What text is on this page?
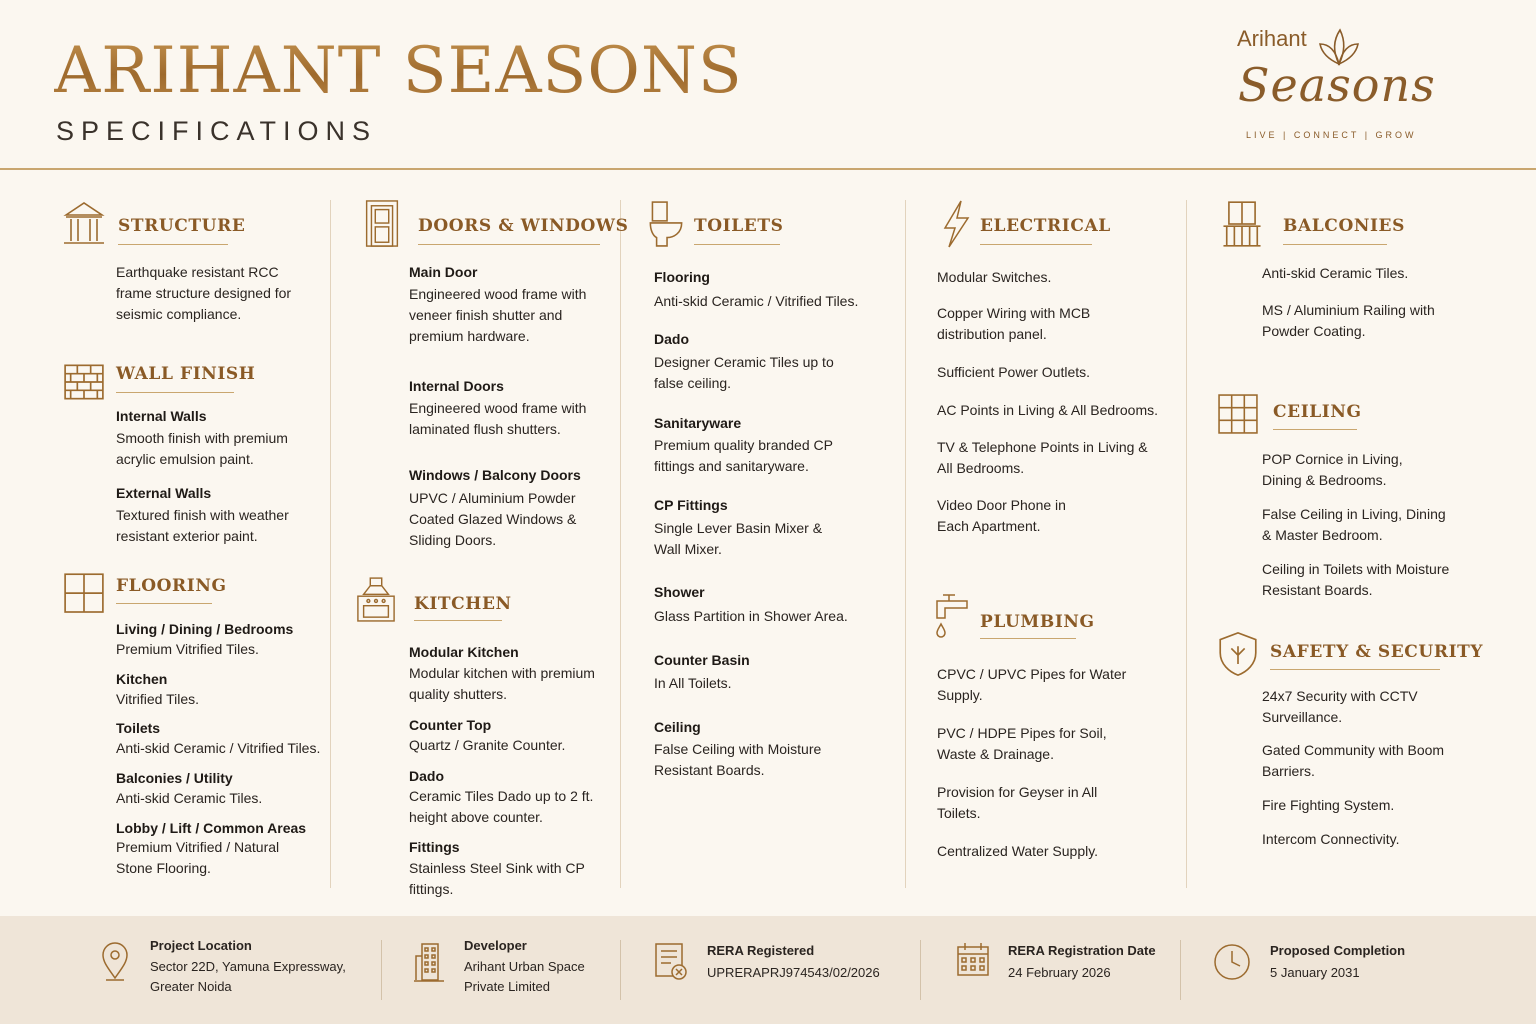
ARIHANT SEASONS
SPECIFICATIONS
Arihant
Seasons
LIVE | CONNECT | GROW
STRUCTURE
Earthquake resistant RCC frame structure designed for seismic compliance.
WALL FINISH
Internal Walls
Smooth finish with premium acrylic emulsion paint.
External Walls
Textured finish with weather resistant exterior paint.
FLOORING
Living / Dining / Bedrooms
Premium Vitrified Tiles.
Kitchen
Vitrified Tiles.
Toilets
Anti-skid Ceramic / Vitrified Tiles.
Balconies / Utility
Anti-skid Ceramic Tiles.
Lobby / Lift / Common Areas
Premium Vitrified / Natural Stone Flooring.
DOORS & WINDOWS
Main Door
Engineered wood frame with veneer finish shutter and premium hardware.
Internal Doors
Engineered wood frame with laminated flush shutters.
Windows / Balcony Doors
UPVC / Aluminium Powder Coated Glazed Windows & Sliding Doors.
KITCHEN
Modular Kitchen
Modular kitchen with premium quality shutters.
Counter Top
Quartz / Granite Counter.
Dado
Ceramic Tiles Dado up to 2 ft. height above counter.
Fittings
Stainless Steel Sink with CP fittings.
TOILETS
Flooring
Anti-skid Ceramic / Vitrified Tiles.
Dado
Designer Ceramic Tiles up to false ceiling.
Sanitaryware
Premium quality branded CP fittings and sanitaryware.
CP Fittings
Single Lever Basin Mixer & Wall Mixer.
Shower
Glass Partition in Shower Area.
Counter Basin
In All Toilets.
Ceiling
False Ceiling with Moisture Resistant Boards.
ELECTRICAL
Modular Switches.
Copper Wiring with MCB distribution panel.
Sufficient Power Outlets.
AC Points in Living & All Bedrooms.
TV & Telephone Points in Living & All Bedrooms.
Video Door Phone in Each Apartment.
PLUMBING
CPVC / UPVC Pipes for Water Supply.
PVC / HDPE Pipes for Soil, Waste & Drainage.
Provision for Geyser in All Toilets.
Centralized Water Supply.
BALCONIES
Anti-skid Ceramic Tiles.
MS / Aluminium Railing with Powder Coating.
CEILING
POP Cornice in Living, Dining & Bedrooms.
False Ceiling in Living, Dining & Master Bedroom.
Ceiling in Toilets with Moisture Resistant Boards.
SAFETY & SECURITY
24x7 Security with CCTV Surveillance.
Gated Community with Boom Barriers.
Fire Fighting System.
Intercom Connectivity.
Project Location
Sector 22D, Yamuna Expressway, Greater Noida
Developer
Arihant Urban Space Private Limited
RERA Registered
UPRERAPRJ974543/02/2026
RERA Registration Date
24 February 2026
Proposed Completion
5 January 2031
